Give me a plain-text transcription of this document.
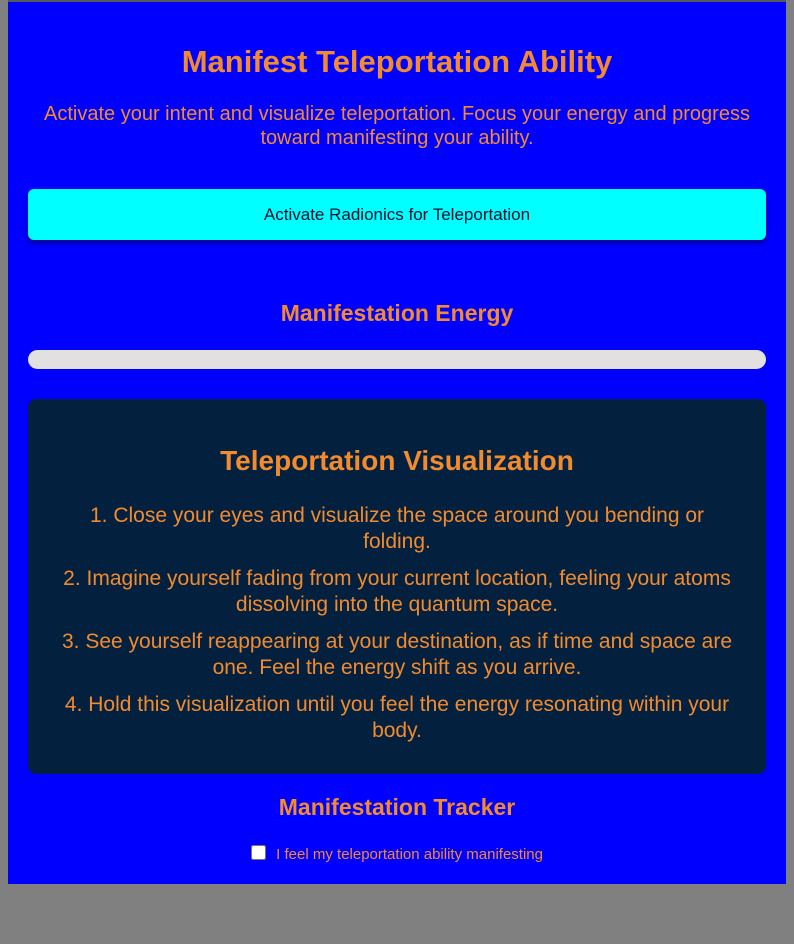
Manifest Teleportation Ability

Activate your intent and visualize teleportation. Focus your energy and progress toward manifesting your ability.

Activate Radionics for Teleportation
Manifestation Energy
Teleportation Visualization
1. Close your eyes and visualize the space around you bending or folding.
2. Imagine yourself fading from your current location, feeling your atoms dissolving into the quantum space.
3. See yourself reappearing at your destination, as if time and space are one. Feel the energy shift as you arrive.
4. Hold this visualization until you feel the energy resonating within your body.
Manifestation Tracker
I feel my teleportation ability manifesting
